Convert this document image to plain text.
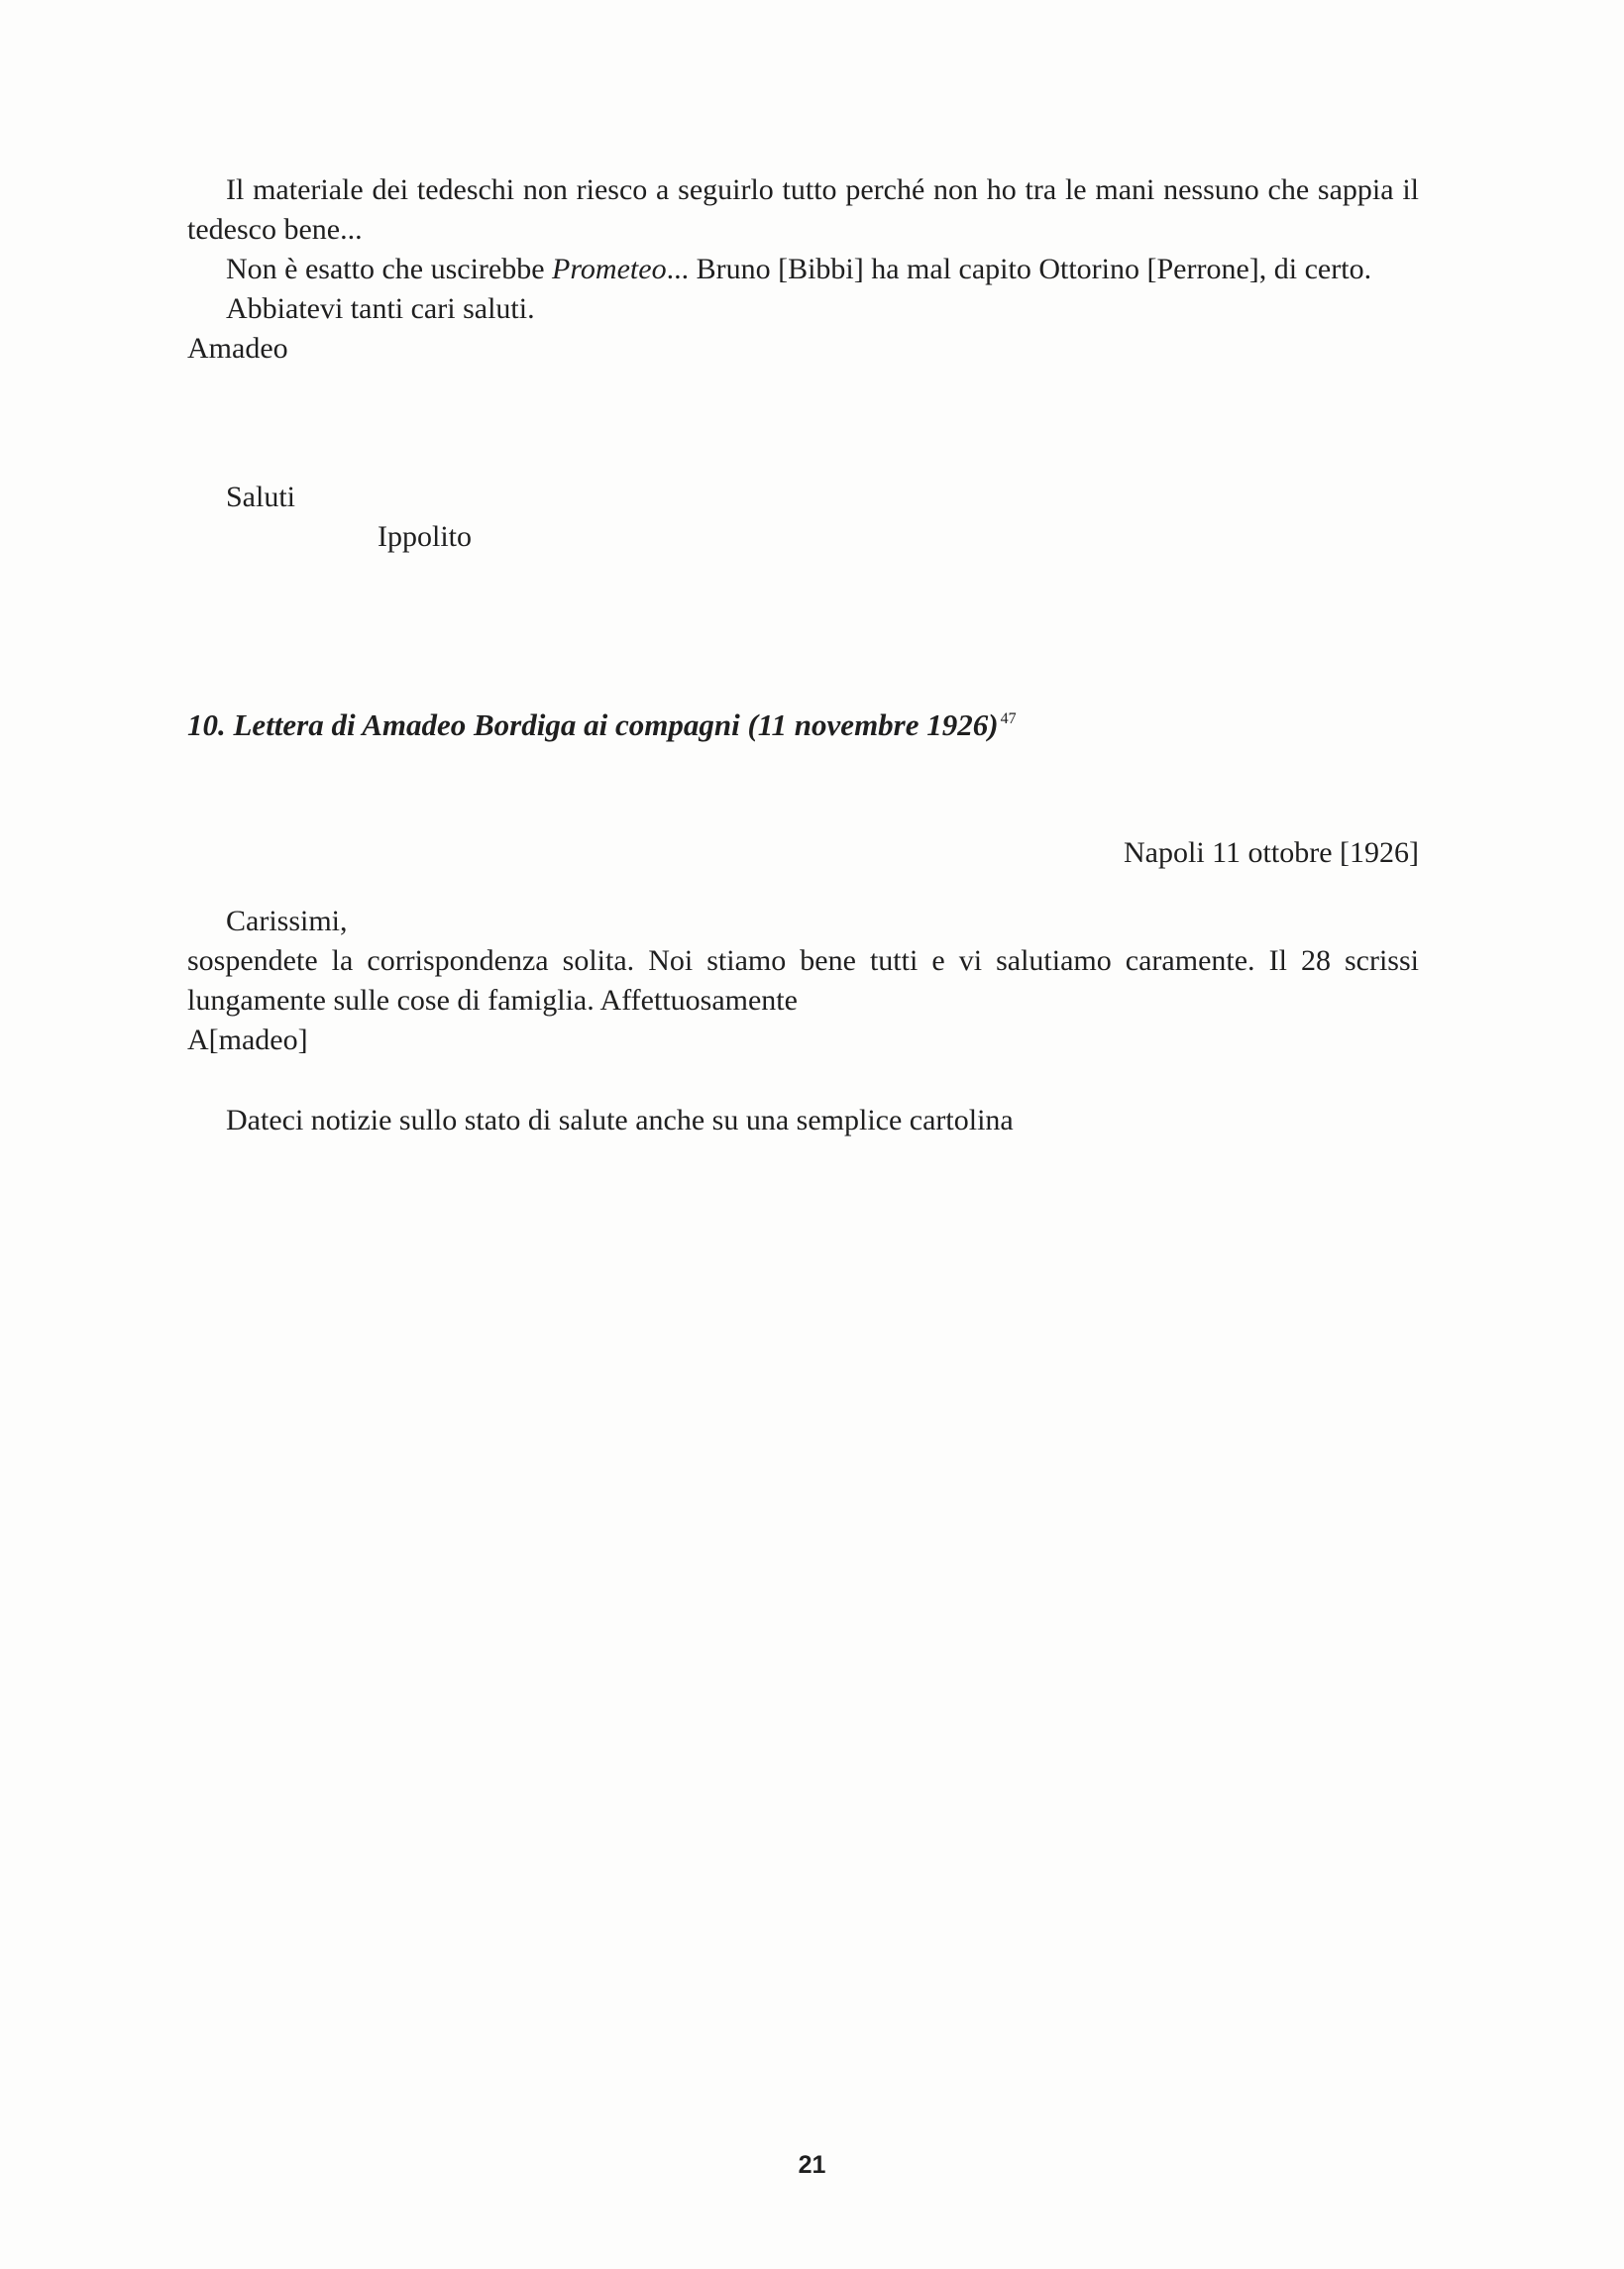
Il materiale dei tedeschi non riesco a seguirlo tutto perché non ho tra le mani nessuno che sappia il tedesco bene...

Non è esatto che uscirebbe Prometeo... Bruno [Bibbi] ha mal capito Ottorino [Perrone], di certo.

Abbiatevi tanti cari saluti.

Amadeo

Saluti
Ippolito
10. Lettera di Amadeo Bordiga ai compagni (11 novembre 1926) $^{47}$

Napoli 11 ottobre [1926]

Carissimi,

sospendete la corrispondenza solita. Noi stiamo bene tutti e vi salutiamo caramente. Il 28 scrissi lungamente sulle cose di famiglia. Affettuosamente

A[madeo]

Dateci notizie sullo stato di salute anche su una semplice cartolina

21
